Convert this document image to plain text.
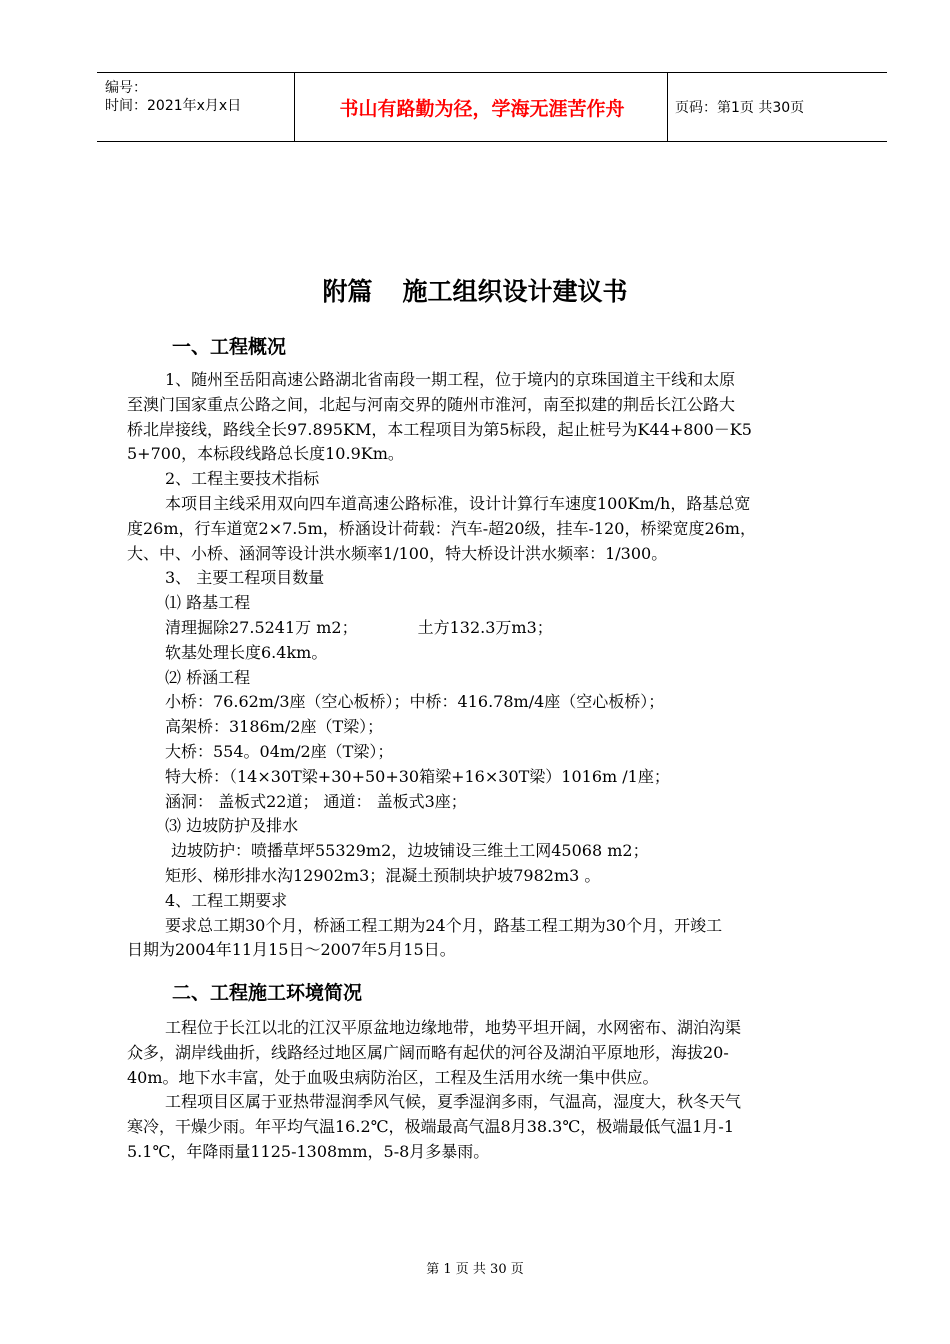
编号：
时间：2021年x月x日	书山有路勤为径，学海无涯苦作舟	页码：第1页 共30页
附篇 施工组织设计建议书
一、工程概况
1、随州至岳阳高速公路湖北省南段一期工程，位于境内的京珠国道主干线和太原
至澳门国家重点公路之间，北起与河南交界的随州市淮河，南至拟建的荆岳长江公路大
桥北岸接线，路线全长97.895KM，本工程项目为第5标段，起止桩号为K44+800－K5
5+700，本标段线路总长度10.9Km。
2、工程主要技术指标
本项目主线采用双向四车道高速公路标准，设计计算行车速度100Km/h，路基总宽
度26m，行车道宽2×7.5m，桥涵设计荷载：汽车-超20级，挂车-120，桥梁宽度26m，
大、中、小桥、涵洞等设计洪水频率1/100，特大桥设计洪水频率：1/300。
3、 主要工程项目数量
⑴ 路基工程
清理掘除27.5241万 m2；	土方132.3万m3；
软基处理长度6.4km。
⑵ 桥涵工程
小桥：76.62m/3座（空心板桥）；中桥：416.78m/4座（空心板桥）；
高架桥：3186m/2座（T梁）；
大桥：554。04m/2座（T梁）；
特大桥：（14×30T梁+30+50+30箱梁+16×30T梁）1016m /1座；
涵洞： 盖板式22道； 通道： 盖板式3座；
⑶ 边坡防护及排水
边坡防护：喷播草坪55329m2，边坡铺设三维土工网45068 m2；
矩形、梯形排水沟12902m3；混凝土预制块护坡7982m3 。
4、工程工期要求
要求总工期30个月，桥涵工程工期为24个月，路基工程工期为30个月，开竣工
日期为2004年11月15日～2007年5月15日。
二、工程施工环境简况
工程位于长江以北的江汉平原盆地边缘地带，地势平坦开阔，水网密布、湖泊沟渠
众多，湖岸线曲折，线路经过地区属广阔而略有起伏的河谷及湖泊平原地形，海拔20-
40m。地下水丰富，处于血吸虫病防治区，工程及生活用水统一集中供应。
工程项目区属于亚热带湿润季风气候，夏季湿润多雨，气温高，湿度大，秋冬天气
寒冷，干燥少雨。年平均气温16.2℃，极端最高气温8月38.3℃，极端最低气温1月-1
5.1℃，年降雨量1125-1308mm，5-8月多暴雨。
第 1 页 共 30 页
